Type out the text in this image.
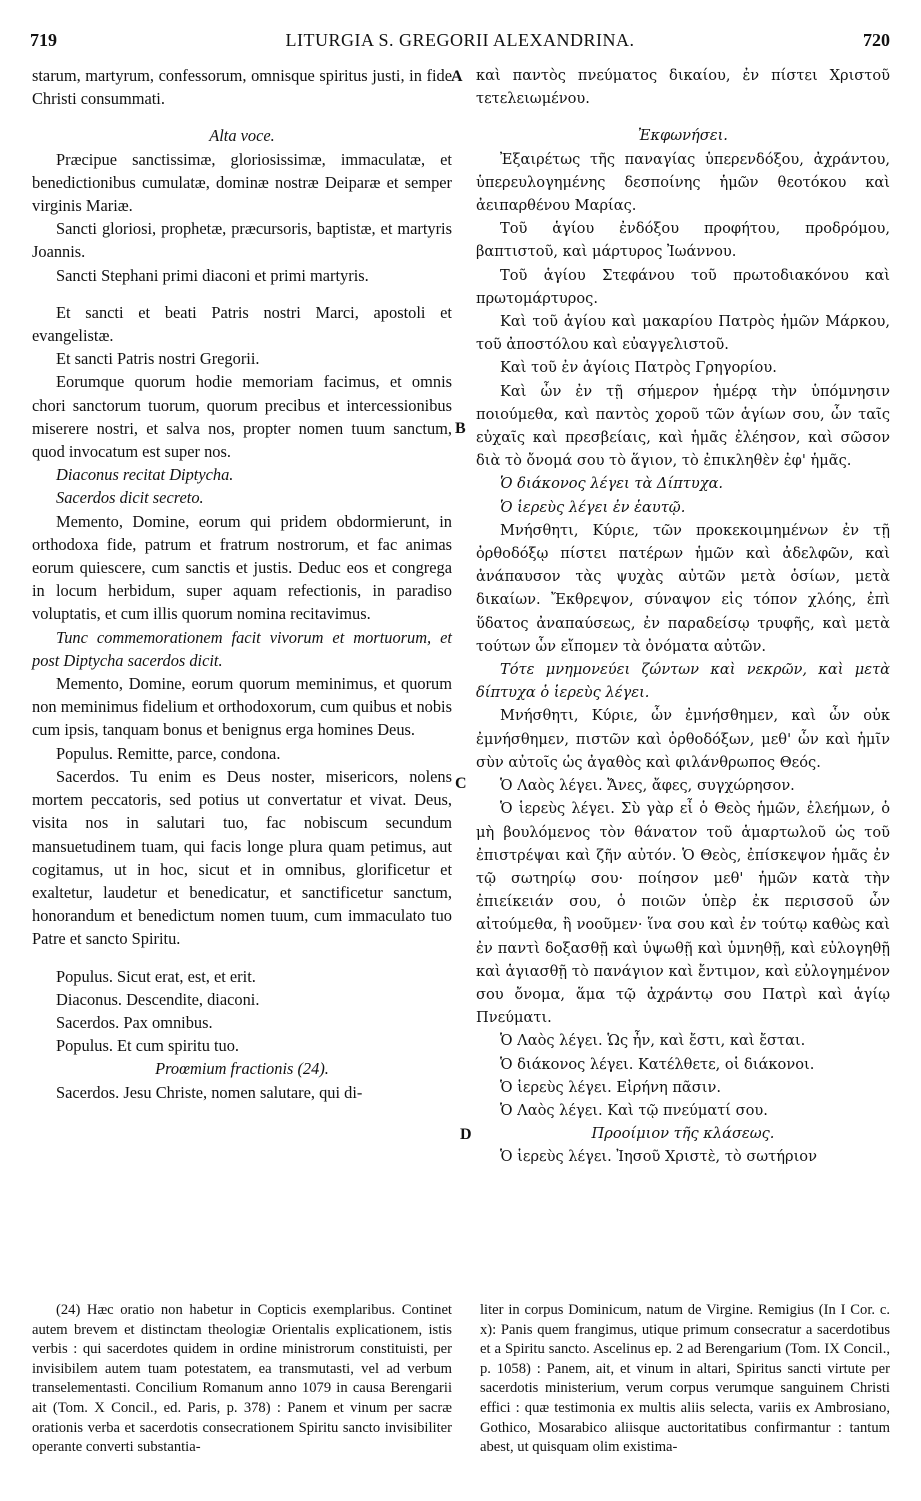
719	LITURGIA S. GREGORII ALEXANDRINA.	720
A
B
C
D

starum, martyrum, confessorum, omnisque spiritus justi, in fide Christi consummati.

Alta voce.

Præcipue sanctissimæ, gloriosissimæ, immaculatæ, et benedictionibus cumulatæ, dominæ nostræ Deiparæ et semper virginis Mariæ.

Sancti gloriosi, prophetæ, præcursoris, baptistæ, et martyris Joannis.

Sancti Stephani primi diaconi et primi martyris.

Et sancti et beati Patris nostri Marci, apostoli et evangelistæ.

Et sancti Patris nostri Gregorii.

Eorumque quorum hodie memoriam facimus, et omnis chori sanctorum tuorum, quorum precibus et intercessionibus miserere nostri, et salva nos, propter nomen tuum sanctum, quod invocatum est super nos.

Diaconus recitat Diptycha.

Sacerdos dicit secreto.

Memento, Domine, eorum qui pridem obdormierunt, in orthodoxa fide, patrum et fratrum nostrorum, et fac animas eorum quiescere, cum sanctis et justis. Deduc eos et congrega in locum herbidum, super aquam refectionis, in paradiso voluptatis, et cum illis quorum nomina recitavimus.

Tunc commemorationem facit vivorum et mortuorum, et post Diptycha sacerdos dicit.

Memento, Domine, eorum quorum meminimus, et quorum non meminimus fidelium et orthodoxorum, cum quibus et nobis cum ipsis, tanquam bonus et benignus erga homines Deus.

Populus. Remitte, parce, condona.

Sacerdos. Tu enim es Deus noster, misericors, nolens mortem peccatoris, sed potius ut convertatur et vivat. Deus, visita nos in salutari tuo, fac nobiscum secundum mansuetudinem tuam, qui facis longe plura quam petimus, aut cogitamus, ut in hoc, sicut et in omnibus, glorificetur et exaltetur, laudetur et benedicatur, et sanctificetur sanctum, honorandum et benedictum nomen tuum, cum immaculato tuo Patre et sancto Spiritu.

Populus. Sicut erat, est, et erit.

Diaconus. Descendite, diaconi.

Sacerdos. Pax omnibus.

Populus. Et cum spiritu tuo.

Proœmium fractionis (24).

Sacerdos. Jesu Christe, nomen salutare, qui di-

καὶ παντὸς πνεύματος δικαίου, ἐν πίστει Χριστοῦ τετελειωμένου.

Ἐκφωνήσει.

Ἐξαιρέτως τῆς παναγίας ὑπερενδόξου, ἀχράντου, ὑπερευλογημένης δεσποίνης ἡμῶν θεοτόκου καὶ ἀειπαρθένου Μαρίας.

Τοῦ ἁγίου ἐνδόξου προφήτου, προδρόμου, βαπτιστοῦ, καὶ μάρτυρος Ἰωάννου.

Τοῦ ἁγίου Στεφάνου τοῦ πρωτοδιακόνου καὶ πρωτομάρτυρος.

Καὶ τοῦ ἁγίου καὶ μακαρίου Πατρὸς ἡμῶν Μάρκου, τοῦ ἀποστόλου καὶ εὐαγγελιστοῦ.

Καὶ τοῦ ἐν ἁγίοις Πατρὸς Γρηγορίου.

Καὶ ὧν ἐν τῇ σήμερον ἡμέρᾳ τὴν ὑπόμνησιν ποιούμεθα, καὶ παντὸς χοροῦ τῶν ἁγίων σου, ὧν ταῖς εὐχαῖς καὶ πρεσβείαις, καὶ ἡμᾶς ἐλέησον, καὶ σῶσον διὰ τὸ ὄνομά σου τὸ ἅγιον, τὸ ἐπικληθὲν ἐφ' ἡμᾶς.

Ὁ διάκονος λέγει τὰ Δίπτυχα.

Ὁ ἱερεὺς λέγει ἐν ἑαυτῷ.

Μνήσθητι, Κύριε, τῶν προκεκοιμημένων ἐν τῇ ὀρθοδόξῳ πίστει πατέρων ἡμῶν καὶ ἀδελφῶν, καὶ ἀνάπαυσον τὰς ψυχὰς αὐτῶν μετὰ ὁσίων, μετὰ δικαίων. Ἔκθρεψον, σύναψον εἰς τόπον χλόης, ἐπὶ ὕδατος ἀναπαύσεως, ἐν παραδείσῳ τρυφῆς, καὶ μετὰ τούτων ὧν εἴπομεν τὰ ὀνόματα αὐτῶν.

Τότε μνημονεύει ζώντων καὶ νεκρῶν, καὶ μετὰ δίπτυχα ὁ ἱερεὺς λέγει.

Μνήσθητι, Κύριε, ὧν ἐμνήσθημεν, καὶ ὧν οὐκ ἐμνήσθημεν, πιστῶν καὶ ὀρθοδόξων, μεθ' ὧν καὶ ἡμῖν σὺν αὐτοῖς ὡς ἀγαθὸς καὶ φιλάνθρωπος Θεός.

Ὁ Λαὸς λέγει. Ἄνες, ἄφες, συγχώρησον.

Ὁ ἱερεὺς λέγει. Σὺ γὰρ εἶ ὁ Θεὸς ἡμῶν, ἐλεήμων, ὁ μὴ βουλόμενος τὸν θάνατον τοῦ ἁμαρτωλοῦ ὡς τοῦ ἐπιστρέψαι καὶ ζῆν αὐτόν. Ὁ Θεὸς, ἐπίσκεψον ἡμᾶς ἐν τῷ σωτηρίῳ σου· ποίησον μεθ' ἡμῶν κατὰ τὴν ἐπιείκειάν σου, ὁ ποιῶν ὑπὲρ ἐκ περισσοῦ ὧν αἰτούμεθα, ἢ νοοῦμεν· ἵνα σου καὶ ἐν τούτῳ καθὼς καὶ ἐν παντὶ δοξασθῇ καὶ ὑψωθῇ καὶ ὑμνηθῇ, καὶ εὐλογηθῇ καὶ ἁγιασθῇ τὸ πανάγιον καὶ ἔντιμον, καὶ εὐλογημένον σου ὄνομα, ἅμα τῷ ἀχράντῳ σου Πατρὶ καὶ ἁγίῳ Πνεύματι.

Ὁ Λαὸς λέγει. Ὡς ἦν, καὶ ἔστι, καὶ ἔσται.

Ὁ διάκονος λέγει. Κατέλθετε, οἱ διάκονοι.

Ὁ ἱερεὺς λέγει. Εἰρήνη πᾶσιν.

Ὁ Λαὸς λέγει. Καὶ τῷ πνεύματί σου.

Προοίμιον τῆς κλάσεως.

Ὁ ἱερεὺς λέγει. Ἰησοῦ Χριστὲ, τὸ σωτήριον

(24) Hæc oratio non habetur in Copticis exemplaribus. Continet autem brevem et distinctam theologiæ Orientalis explicationem, istis verbis : qui sacerdotes quidem in ordine ministrorum constituisti, per invisibilem autem tuam potestatem, ea transmutasti, vel ad verbum transelementasti. Concilium Romanum anno 1079 in causa Berengarii ait (Tom. X Concil., ed. Paris, p. 378) : Panem et vinum per sacræ orationis verba et sacerdotis consecrationem Spiritu sancto invisibiliter operante converti substantia-

liter in corpus Dominicum, natum de Virgine. Remigius (In I Cor. c. x): Panis quem frangimus, utique primum consecratur a sacerdotibus et a Spiritu sancto. Ascelinus ep. 2 ad Berengarium (Tom. IX Concil., p. 1058) : Panem, ait, et vinum in altari, Spiritus sancti virtute per sacerdotis ministerium, verum corpus verumque sanguinem Christi effici : quæ testimonia ex multis aliis selecta, variis ex Ambrosiano, Gothico, Mosarabico aliisque auctoritatibus confirmantur : tantum abest, ut quisquam olim existima-
